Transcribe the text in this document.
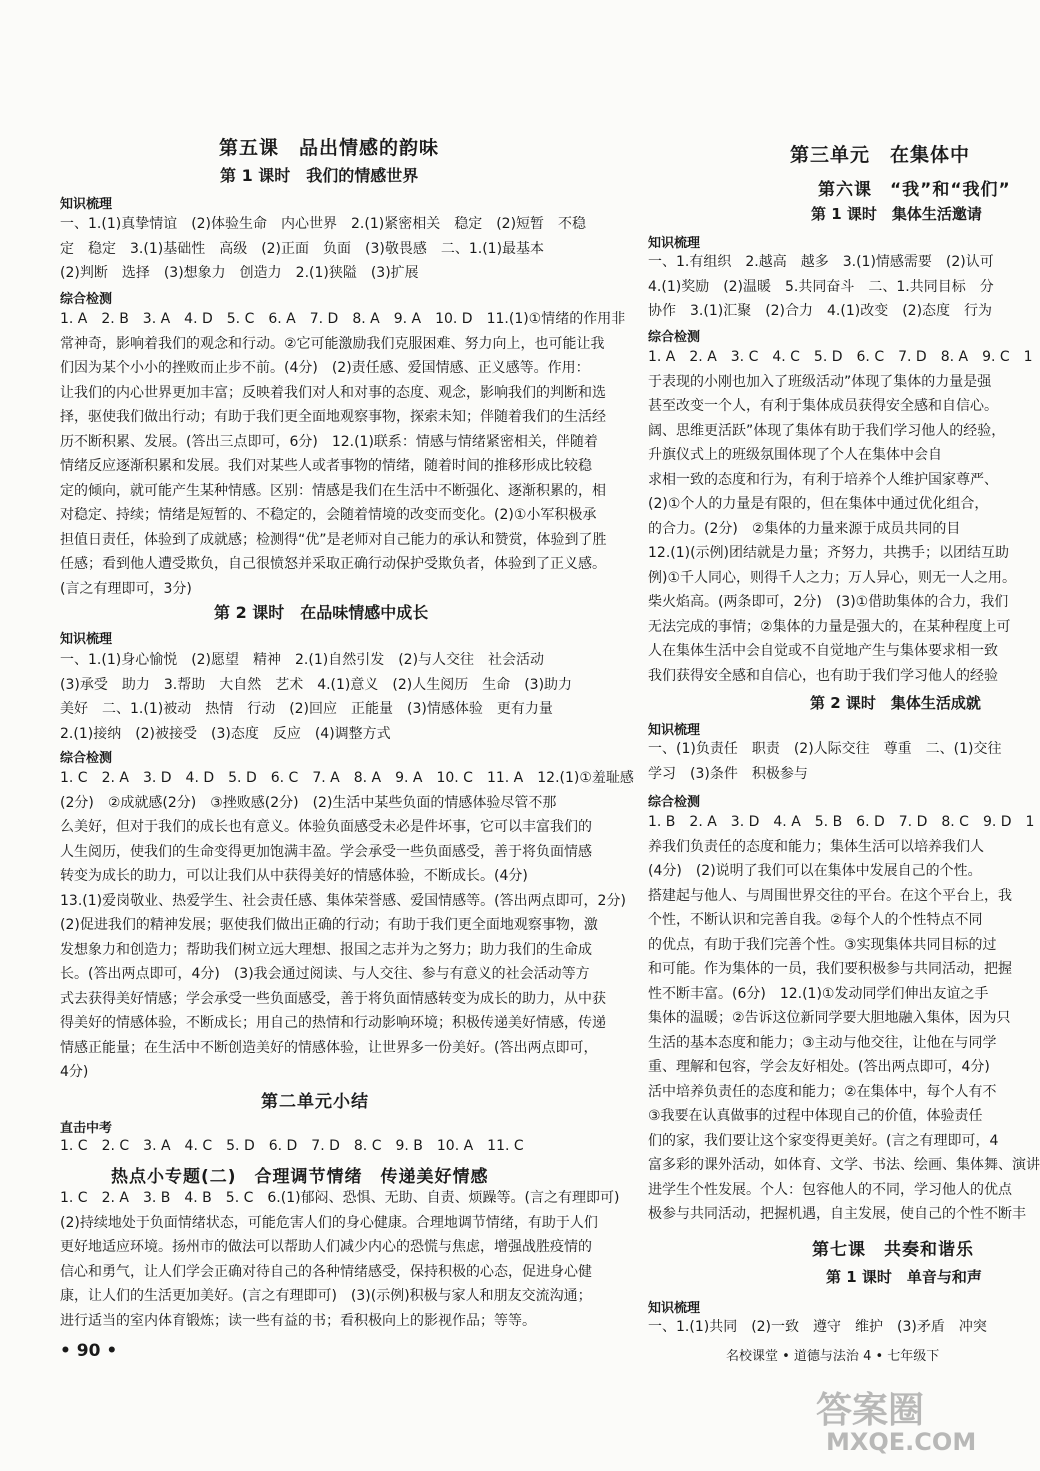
第五课　品出情感的韵味
第 1 课时　我们的情感世界
知识梳理
一、1.(1)真挚情谊　(2)体验生命　内心世界　2.(1)紧密相关　稳定　(2)短暂　不稳
定　稳定　3.(1)基础性　高级　(2)正面　负面　(3)敬畏感　二、1.(1)最基本
(2)判断　选择　(3)想象力　创造力　2.(1)狭隘　(3)扩展
综合检测
1. A　2. B　3. A　4. D　5. C　6. A　7. D　8. A　9. A　10. D　11.(1)①情绪的作用非
常神奇，影响着我们的观念和行动。②它可能激励我们克服困难、努力向上，也可能让我
们因为某个小小的挫败而止步不前。(4分)　(2)责任感、爱国情感、正义感等。作用：
让我们的内心世界更加丰富；反映着我们对人和对事的态度、观念，影响我们的判断和选
择，驱使我们做出行动；有助于我们更全面地观察事物，探索未知；伴随着我们的生活经
历不断积累、发展。(答出三点即可，6分)　12.(1)联系：情感与情绪紧密相关，伴随着
情绪反应逐渐积累和发展。我们对某些人或者事物的情绪，随着时间的推移形成比较稳
定的倾向，就可能产生某种情感。区别：情感是我们在生活中不断强化、逐渐积累的，相
对稳定、持续；情绪是短暂的、不稳定的，会随着情境的改变而变化。(2)①小军积极承
担值日责任，体验到了成就感；检测得“优”是老师对自己能力的承认和赞赏，体验到了胜
任感；看到他人遭受欺负，自己很愤怒并采取正确行动保护受欺负者，体验到了正义感。
(言之有理即可，3分)
第 2 课时　在品味情感中成长
知识梳理
一、1.(1)身心愉悦　(2)愿望　精神　2.(1)自然引发　(2)与人交往　社会活动
(3)承受　助力　3.帮助　大自然　艺术　4.(1)意义　(2)人生阅历　生命　(3)助力
美好　二、1.(1)被动　热情　行动　(2)回应　正能量　(3)情感体验　更有力量
2.(1)接纳　(2)被接受　(3)态度　反应　(4)调整方式
综合检测
1. C　2. A　3. D　4. D　5. D　6. C　7. A　8. A　9. A　10. C　11. A　12.(1)①羞耻感
(2分)　②成就感(2分)　③挫败感(2分)　(2)生活中某些负面的情感体验尽管不那
么美好，但对于我们的成长也有意义。体验负面感受未必是件坏事，它可以丰富我们的
人生阅历，使我们的生命变得更加饱满丰盈。学会承受一些负面感受，善于将负面情感
转变为成长的助力，可以让我们从中获得美好的情感体验，不断成长。(4分)
13.(1)爱岗敬业、热爱学生、社会责任感、集体荣誉感、爱国情感等。(答出两点即可，2分)
(2)促进我们的精神发展；驱使我们做出正确的行动；有助于我们更全面地观察事物，激
发想象力和创造力；帮助我们树立远大理想、报国之志并为之努力；助力我们的生命成
长。(答出两点即可，4分)　(3)我会通过阅读、与人交往、参与有意义的社会活动等方
式去获得美好情感；学会承受一些负面感受，善于将负面情感转变为成长的助力，从中获
得美好的情感体验，不断成长；用自己的热情和行动影响环境；积极传递美好情感，传递
情感正能量；在生活中不断创造美好的情感体验，让世界多一份美好。(答出两点即可，
4分)
第二单元小结
直击中考
1. C　2. C　3. A　4. C　5. D　6. D　7. D　8. C　9. B　10. A　11. C
热点小专题(二)　合理调节情绪　传递美好情感
1. C　2. A　3. B　4. B　5. C　6.(1)郁闷、恐惧、无助、自责、烦躁等。(言之有理即可)
(2)持续地处于负面情绪状态，可能危害人们的身心健康。合理地调节情绪，有助于人们
更好地适应环境。扬州市的做法可以帮助人们减少内心的恐慌与焦虑，增强战胜疫情的
信心和勇气，让人们学会正确对待自己的各种情绪感受，保持积极的心态，促进身心健
康，让人们的生活更加美好。(言之有理即可)　(3)(示例)积极与家人和朋友交流沟通；
进行适当的室内体育锻炼；读一些有益的书；看积极向上的影视作品；等等。
• 90 •
第三单元　在集体中
第六课　“我”和“我们”
第 1 课时　集体生活邀请
知识梳理
一、1.有组织　2.越高　越多　3.(1)情感需要　(2)认可
4.(1)奖励　(2)温暖　5.共同奋斗　二、1.共同目标　分
协作　3.(1)汇聚　(2)合力　4.(1)改变　(2)态度　行为
综合检测
1. A　2. A　3. C　4. C　5. D　6. C　7. D　8. A　9. C　1
于表现的小刚也加入了班级活动”体现了集体的力量是强
甚至改变一个人，有利于集体成员获得安全感和自信心。
阔、思维更活跃”体现了集体有助于我们学习他人的经验，
升旗仪式上的班级氛围体现了个人在集体中会自
求相一致的态度和行为，有利于培养个人维护国家尊严、
(2)①个人的力量是有限的，但在集体中通过优化组合，
的合力。(2分)　②集体的力量来源于成员共同的目
12.(1)(示例)团结就是力量；齐努力，共携手；以团结互助
例)①千人同心，则得千人之力；万人异心，则无一人之用。
柴火焰高。(两条即可，2分)　(3)①借助集体的合力，我们
无法完成的事情；②集体的力量是强大的，在某种程度上可
人在集体生活中会自觉或不自觉地产生与集体要求相一致
我们获得安全感和自信心，也有助于我们学习他人的经验
第 2 课时　集体生活成就
知识梳理
一、(1)负责任　职责　(2)人际交往　尊重　二、(1)交往
学习　(3)条件　积极参与
综合检测
1. B　2. A　3. D　4. A　5. B　6. D　7. D　8. C　9. D　1
养我们负责任的态度和能力；集体生活可以培养我们人
(4分)　(2)说明了我们可以在集体中发展自己的个性。
搭建起与他人、与周围世界交往的平台。在这个平台上，我
个性，不断认识和完善自我。②每个人的个性特点不同
的优点，有助于我们完善个性。③实现集体共同目标的过
和可能。作为集体的一员，我们要积极参与共同活动，把握
性不断丰富。(6分)　12.(1)①发动同学们伸出友谊之手
集体的温暖；②告诉这位新同学要大胆地融入集体，因为只
生活的基本态度和能力；③主动与他交往，让他在与同学
重、理解和包容，学会友好相处。(答出两点即可，4分)
活中培养负责任的态度和能力；②在集体中，每个人有不
③我要在认真做事的过程中体现自己的价值，体验责任
们的家，我们要让这个家变得更美好。(言之有理即可，4
富多彩的课外活动，如体育、文学、书法、绘画、集体舞、演讲
进学生个性发展。个人：包容他人的不同，学习他人的优点
极参与共同活动，把握机遇，自主发展，使自己的个性不断丰
第七课　共奏和谐乐
第 1 课时　单音与和声
知识梳理
一、1.(1)共同　(2)一致　遵守　维护　(3)矛盾　冲突
名校课堂 • 道德与法治 4 • 七年级下
答案圈
MXQE.COM
